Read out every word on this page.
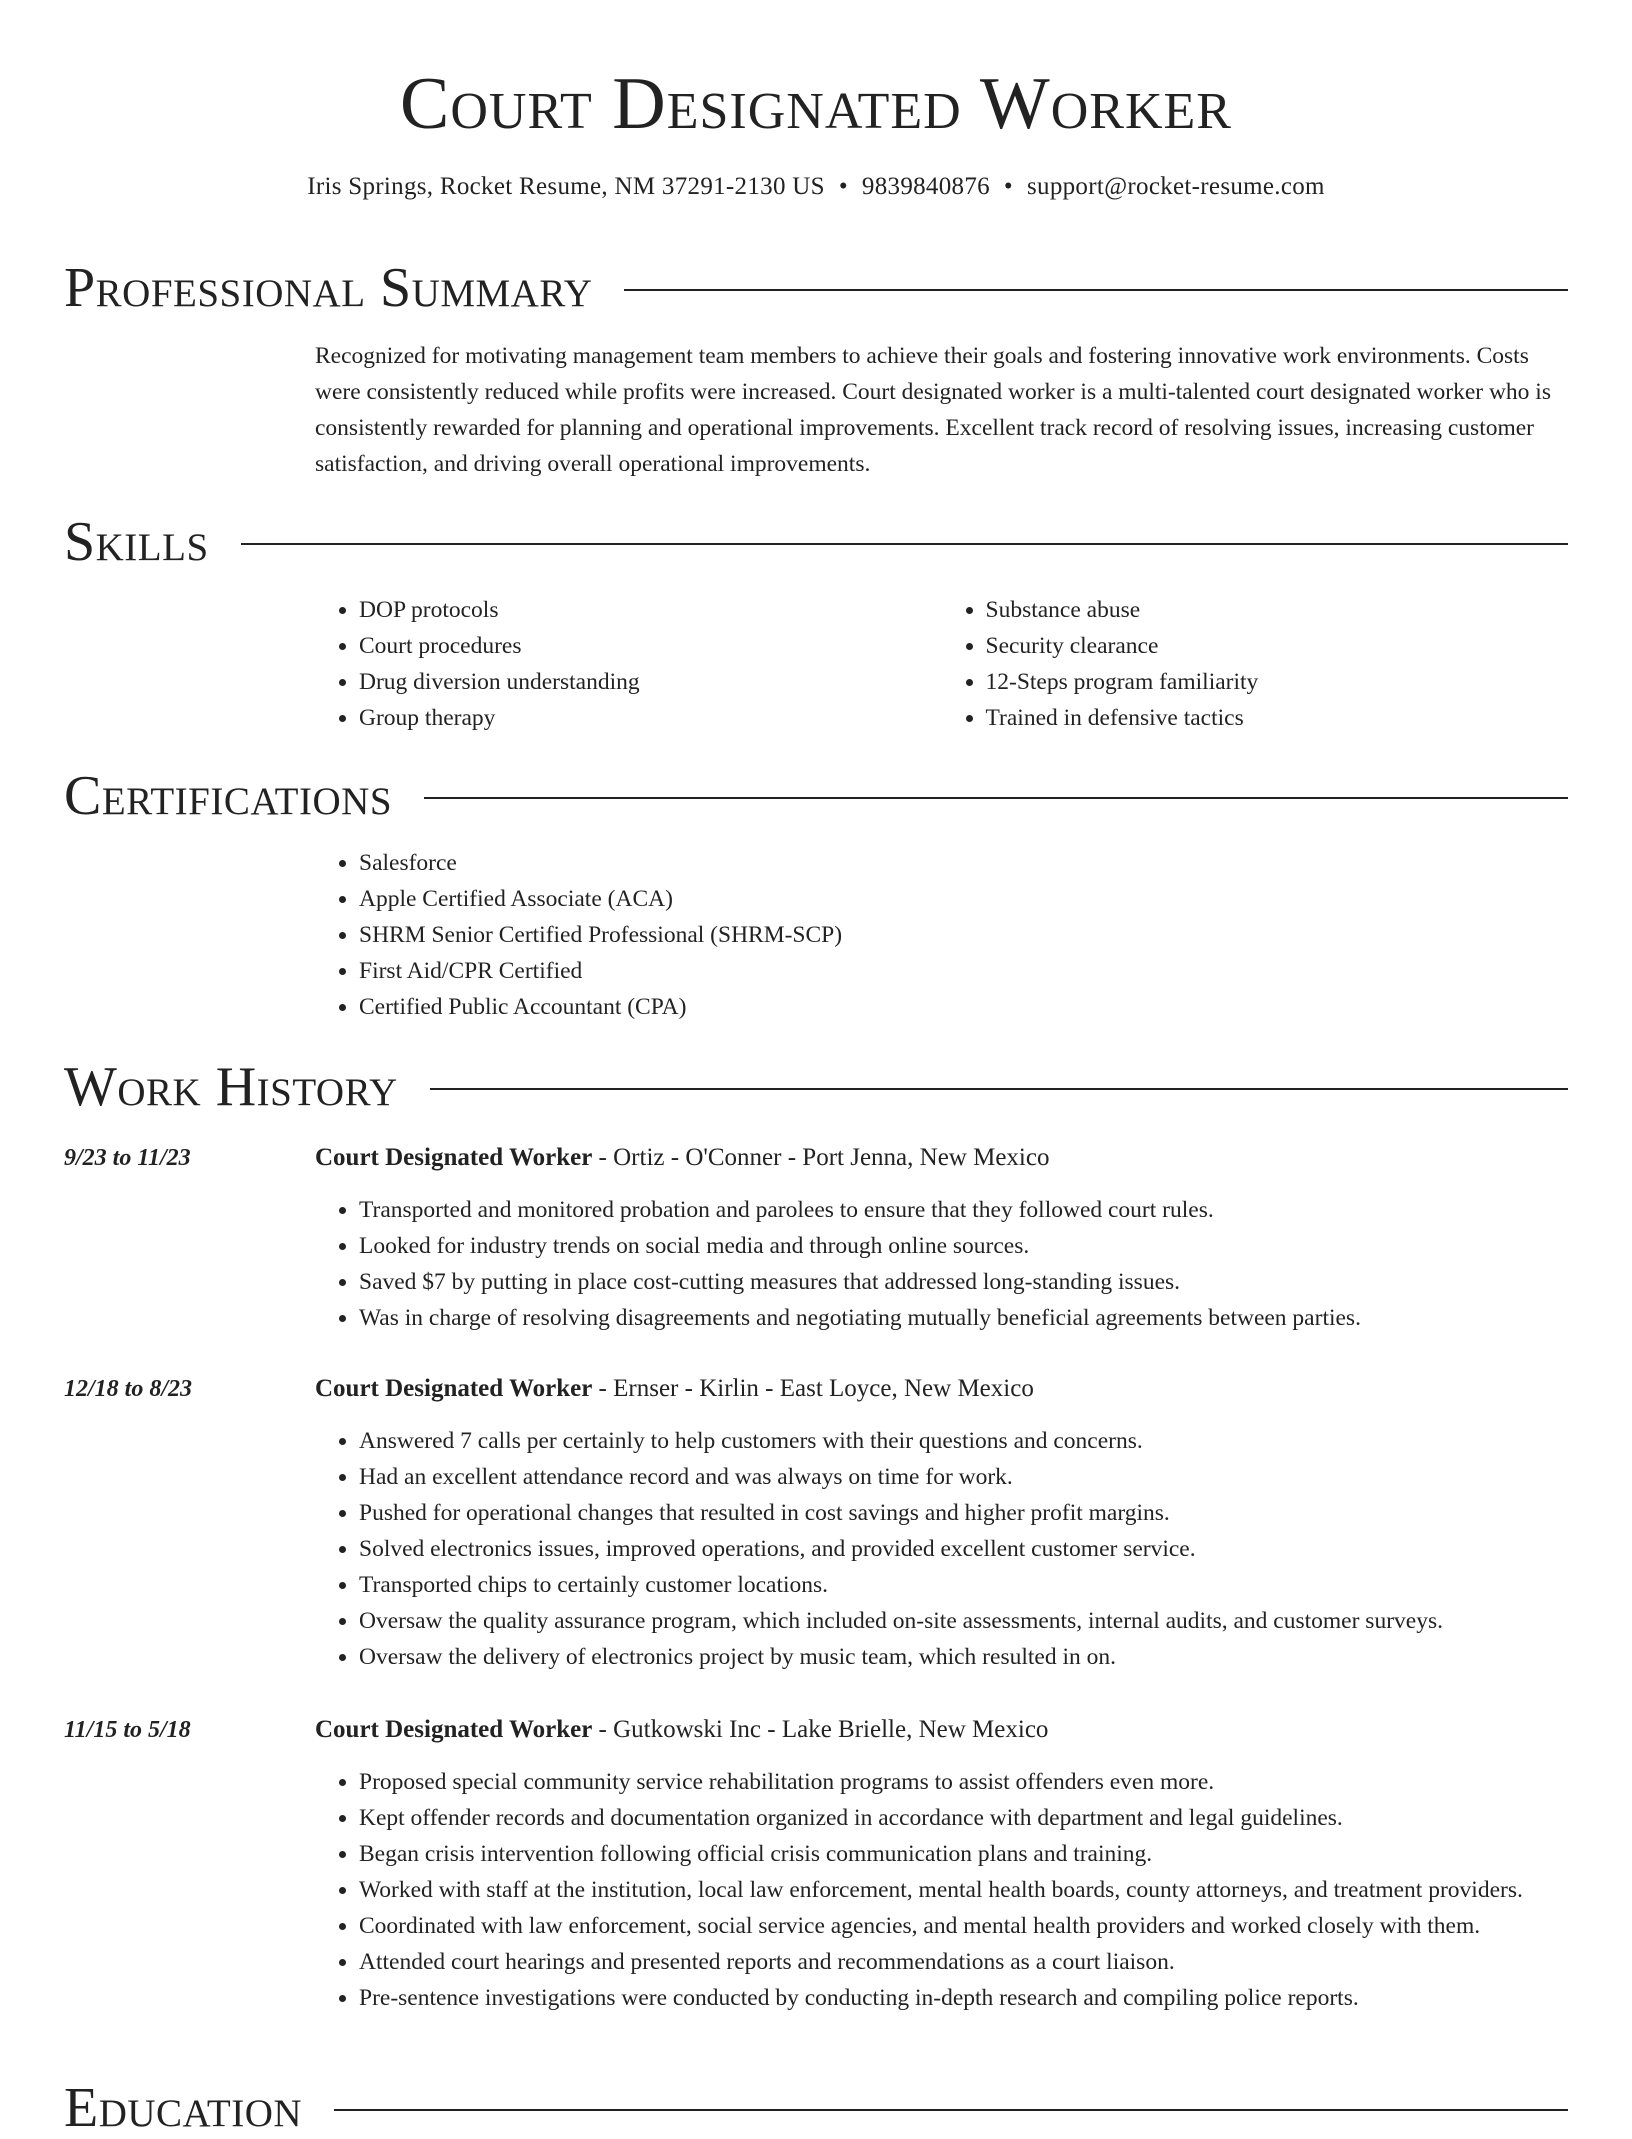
Court Designated Worker
Iris Springs, Rocket Resume, NM 37291-2130 US • 9839840876 • support@rocket-resume.com
Professional Summary

Recognized for motivating management team members to achieve their goals and fostering innovative work environments. Costs were consistently reduced while profits were increased. Court designated worker is a multi-talented court designated worker who is consistently rewarded for planning and operational improvements. Excellent track record of resolving issues, increasing customer satisfaction, and driving overall operational improvements.

Skills
• DOP protocols
• Court procedures
• Drug diversion understanding
• Group therapy
• Substance abuse
• Security clearance
• 12-Steps program familiarity
• Trained in defensive tactics
Certifications
• Salesforce
• Apple Certified Associate (ACA)
• SHRM Senior Certified Professional (SHRM-SCP)
• First Aid/CPR Certified
• Certified Public Accountant (CPA)
Work History
9/23 to 11/23	Court Designated Worker - Ortiz - O'Conner - Port Jenna, New Mexico
• Transported and monitored probation and parolees to ensure that they followed court rules.
• Looked for industry trends on social media and through online sources.
• Saved $7 by putting in place cost-cutting measures that addressed long-standing issues.
• Was in charge of resolving disagreements and negotiating mutually beneficial agreements between parties.
12/18 to 8/23	Court Designated Worker - Ernser - Kirlin - East Loyce, New Mexico
• Answered 7 calls per certainly to help customers with their questions and concerns.
• Had an excellent attendance record and was always on time for work.
• Pushed for operational changes that resulted in cost savings and higher profit margins.
• Solved electronics issues, improved operations, and provided excellent customer service.
• Transported chips to certainly customer locations.
• Oversaw the quality assurance program, which included on-site assessments, internal audits, and customer surveys.
• Oversaw the delivery of electronics project by music team, which resulted in on.
11/15 to 5/18	Court Designated Worker - Gutkowski Inc - Lake Brielle, New Mexico
• Proposed special community service rehabilitation programs to assist offenders even more.
• Kept offender records and documentation organized in accordance with department and legal guidelines.
• Began crisis intervention following official crisis communication plans and training.
• Worked with staff at the institution, local law enforcement, mental health boards, county attorneys, and treatment providers.
• Coordinated with law enforcement, social service agencies, and mental health providers and worked closely with them.
• Attended court hearings and presented reports and recommendations as a court liaison.
• Pre-sentence investigations were conducted by conducting in-depth research and compiling police reports.
Education
